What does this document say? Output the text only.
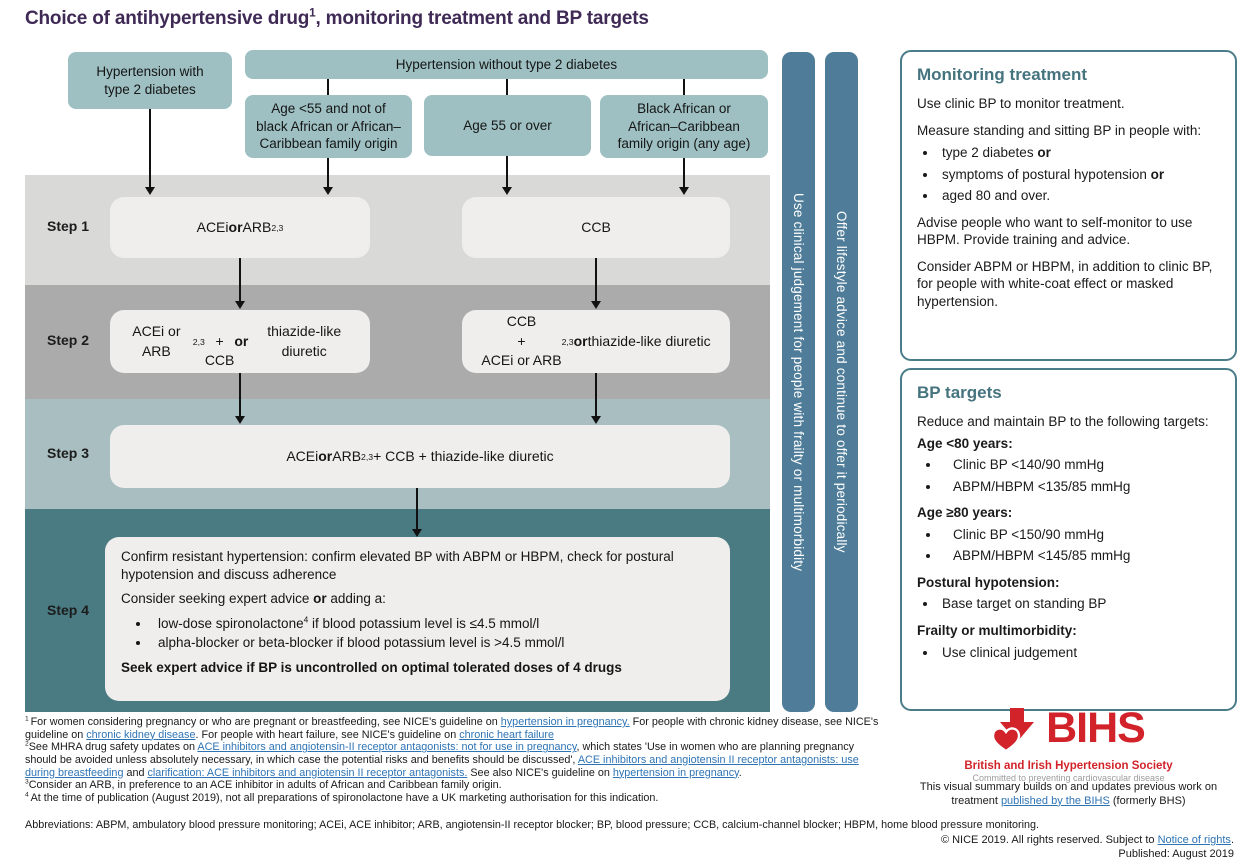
Choice of antihypertensive drug$^1$, monitoring treatment and BP targets
Step 1
Step 2
Step 3
Step 4
Hypertension with
type 2 diabetes
Hypertension without type 2 diabetes
Age <55 and not of
black African or African–
Caribbean family origin
Age 55 or over
Black African or
African–Caribbean
family origin (any age)
ACEi or ARB 2,3	CCB
ACEi or ARB
2,3 +
CCB
or
thiazide-like diuretic
CCB
+
ACEi or ARB
2,3 or thiazide-like diuretic
ACEi or ARB 2,3 + CCB + thiazide-like diuretic

Confirm resistant hypertension: confirm elevated BP with ABPM or HBPM, check for postural hypotension and discuss adherence

Consider seeking expert advice or adding a:

• low-dose spironolactone$^4$ if blood potassium level is ≤4.5 mmol/l
• alpha-blocker or beta-blocker if blood potassium level is >4.5 mmol/l

Seek expert advice if BP is uncontrolled on optimal tolerated doses of 4 drugs

Use clinical judgement for people with frailty or multimorbidity Offer lifestyle advice and continue to offer it periodically
Monitoring treatment

Use clinic BP to monitor treatment.

Measure standing and sitting BP in people with:

• type 2 diabetes or
• symptoms of postural hypotension or
• aged 80 and over.

Advise people who want to self-monitor to use HBPM. Provide training and advice.

Consider ABPM or HBPM, in addition to clinic BP, for people with white-coat effect or masked hypertension.

BP targets

Reduce and maintain BP to the following targets:

Age <80 years:
• Clinic BP <140/90 mmHg
• ABPM/HBPM <135/85 mmHg
Age ≥80 years:
• Clinic BP <150/90 mmHg
• ABPM/HBPM <145/85 mmHg
Postural hypotension:
• Base target on standing BP
Frailty or multimorbidity:
• Use clinical judgement
$^1$ For women considering pregnancy or who are pregnant or breastfeeding, see NICE's guideline on hypertension in pregnancy. For people with chronic kidney disease, see NICE's guideline on chronic kidney disease. For people with heart failure, see NICE's guideline on chronic heart failure
$^2$See MHRA drug safety updates on ACE inhibitors and angiotensin-II receptor antagonists: not for use in pregnancy, which states 'Use in women who are planning pregnancy should be avoided unless absolutely necessary, in which case the potential risks and benefits should be discussed', ACE inhibitors and angiotensin II receptor antagonists: use during breastfeeding and clarification: ACE inhibitors and angiotensin II receptor antagonists. See also NICE's guideline on hypertension in pregnancy.
$^3$Consider an ARB, in preference to an ACE inhibitor in adults of African and Caribbean family origin.
$^4$ At the time of publication (August 2019), not all preparations of spironolactone have a UK marketing authorisation for this indication.
Abbreviations: ABPM, ambulatory blood pressure monitoring; ACEi, ACE inhibitor; ARB, angiotensin-II receptor blocker; BP, blood pressure; CCB, calcium-channel blocker; HBPM, home blood pressure monitoring.
BIHS
British and Irish Hypertension Society
Committed to preventing cardiovascular disease
This visual summary builds on and updates previous work on treatment published by the BIHS (formerly BHS)
© NICE 2019. All rights reserved. Subject to Notice of rights.
Published: August 2019
